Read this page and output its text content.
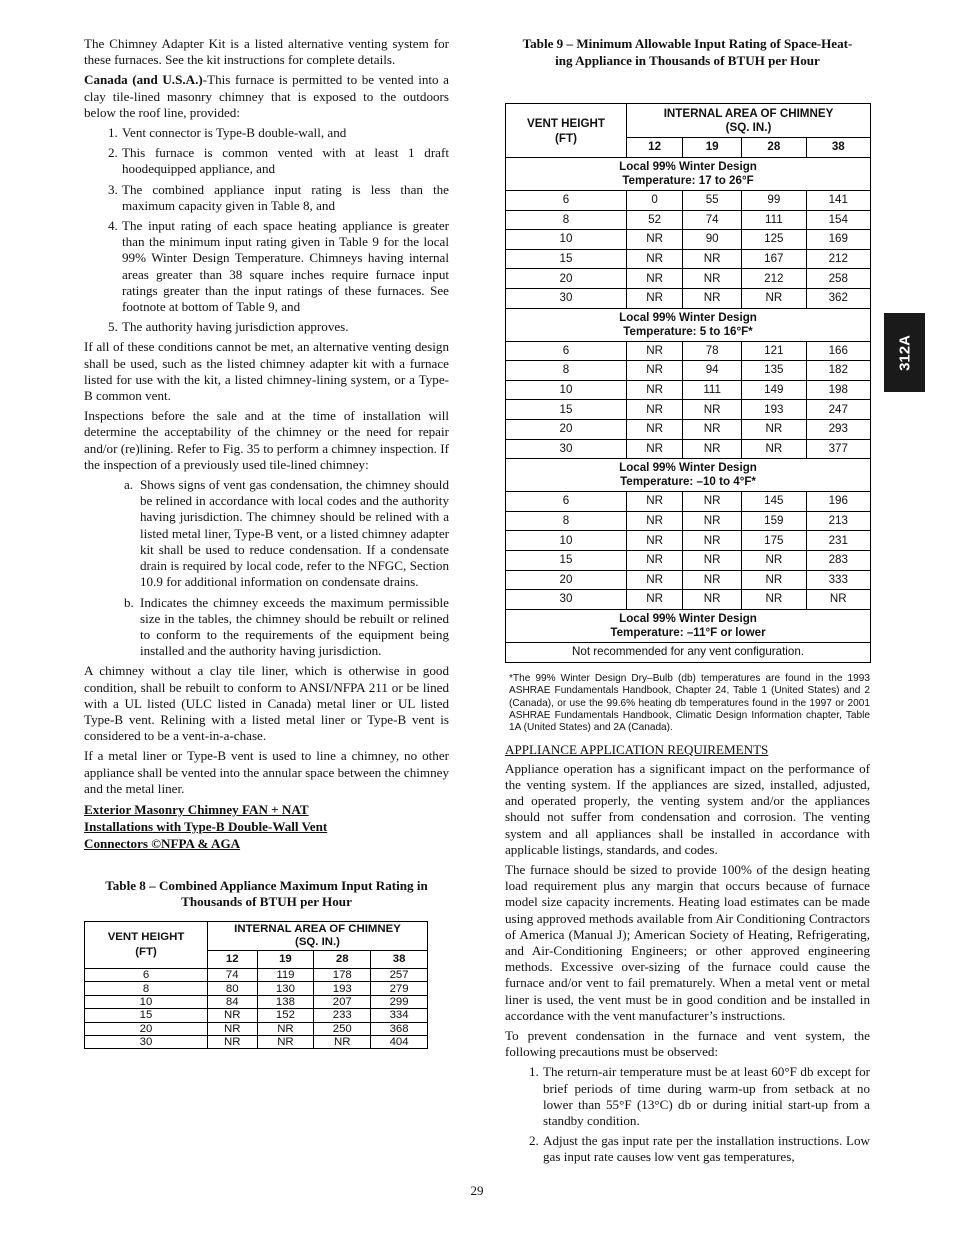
The Chimney Adapter Kit is a listed alternative venting system for these furnaces. See the kit instructions for complete details.

Canada (and U.S.A.)-This furnace is permitted to be vented into a clay tile-lined masonry chimney that is exposed to the outdoors below the roof line, provided:

1. Vent connector is Type-B double-wall, and
2. This furnace is common vented with at least 1 draft hoodequipped appliance, and
3. The combined appliance input rating is less than the maximum capacity given in Table 8, and
4. The input rating of each space heating appliance is greater than the minimum input rating given in Table 9 for the local 99% Winter Design Temperature. Chimneys having internal areas greater than 38 square inches require furnace input ratings greater than the input ratings of these furnaces. See footnote at bottom of Table 9, and
5. The authority having jurisdiction approves.

If all of these conditions cannot be met, an alternative venting design shall be used, such as the listed chimney adapter kit with a furnace listed for use with the kit, a listed chimney-lining system, or a Type-B common vent.

Inspections before the sale and at the time of installation will determine the acceptability of the chimney or the need for repair and/or (re)lining. Refer to Fig. 35 to perform a chimney inspection. If the inspection of a previously used tile-lined chimney:

a. Shows signs of vent gas condensation, the chimney should be relined in accordance with local codes and the authority having jurisdiction. The chimney should be relined with a listed metal liner, Type-B vent, or a listed chimney adapter kit shall be used to reduce condensation. If a condensate drain is required by local code, refer to the NFGC, Section 10.9 for additional information on condensate drains.
b. Indicates the chimney exceeds the maximum permissible size in the tables, the chimney should be rebuilt or relined to conform to the requirements of the equipment being installed and the authority having jurisdiction.

A chimney without a clay tile liner, which is otherwise in good condition, shall be rebuilt to conform to ANSI/NFPA 211 or be lined with a UL listed (ULC listed in Canada) metal liner or UL listed Type-B vent. Relining with a listed metal liner or Type-B vent is considered to be a vent-in-a-chase.

If a metal liner or Type-B vent is used to line a chimney, no other appliance shall be vented into the annular space between the chimney and the metal liner.

Exterior Masonry Chimney FAN + NAT
Installations with Type-B Double-Wall Vent
Connectors ©NFPA & AGA
Table 8 – Combined Appliance Maximum Input Rating in
Thousands of BTUH per Hour
VENT HEIGHT
(FT)	INTERNAL AREA OF CHIMNEY
(SQ. IN.)			
	12	19	28	38
6	74	119	178	257
8	80	130	193	279
10	84	138	207	299
15	NR	152	233	334
20	NR	NR	250	368
30	NR	NR	NR	404
Table 9 – Minimum Allowable Input Rating of Space-Heat-
ing Appliance in Thousands of BTUH per Hour
VENT HEIGHT
(FT)	INTERNAL AREA OF CHIMNEY
(SQ. IN.)			
	12	19	28	38
Local 99% Winter Design
Temperature: 17 to 26°F				
6	0	55	99	141
8	52	74	111	154
10	NR	90	125	169
15	NR	NR	167	212
20	NR	NR	212	258
30	NR	NR	NR	362
Local 99% Winter Design
Temperature: 5 to 16°F*				
6	NR	78	121	166
8	NR	94	135	182
10	NR	111	149	198
15	NR	NR	193	247
20	NR	NR	NR	293
30	NR	NR	NR	377
Local 99% Winter Design
Temperature: –10 to 4°F*				
6	NR	NR	145	196
8	NR	NR	159	213
10	NR	NR	175	231
15	NR	NR	NR	283
20	NR	NR	NR	333
30	NR	NR	NR	NR
Local 99% Winter Design
Temperature: –11°F or lower				
Not recommended for any vent configuration.				

*The 99% Winter Design Dry–Bulb (db) temperatures are found in the 1993 ASHRAE Fundamentals Handbook, Chapter 24, Table 1 (United States) and 2 (Canada), or use the 99.6% heating db temperatures found in the 1997 or 2001 ASHRAE Fundamentals Handbook, Climatic Design Information chapter, Table 1A (United States) and 2A (Canada).

APPLIANCE APPLICATION REQUIREMENTS

Appliance operation has a significant impact on the performance of the venting system. If the appliances are sized, installed, adjusted, and operated properly, the venting system and/or the appliances should not suffer from condensation and corrosion. The venting system and all appliances shall be installed in accordance with applicable listings, standards, and codes.

The furnace should be sized to provide 100% of the design heating load requirement plus any margin that occurs because of furnace model size capacity increments. Heating load estimates can be made using approved methods available from Air Conditioning Contractors of America (Manual J); American Society of Heating, Refrigerating, and Air-Conditioning Engineers; or other approved engineering methods. Excessive over-sizing of the furnace could cause the furnace and/or vent to fail prematurely. When a metal vent or metal liner is used, the vent must be in good condition and be installed in accordance with the vent manufacturer’s instructions.

To prevent condensation in the furnace and vent system, the following precautions must be observed:

1. The return-air temperature must be at least 60°F db except for brief periods of time during warm-up from setback at no lower than 55°F (13°C) db or during initial start-up from a standby condition.
2. Adjust the gas input rate per the installation instructions. Low gas input rate causes low vent gas temperatures,
312A
29
